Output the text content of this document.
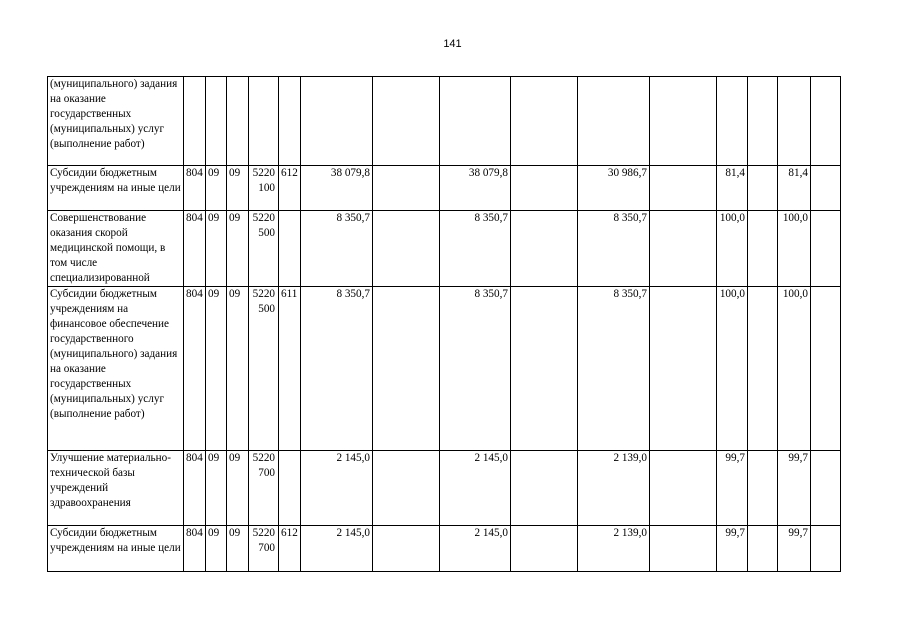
141
(муниципального) задания на оказание государственных (муниципальных) услуг (выполнение работ)															
Субсидии бюджетным учреждениям на иные цели	804	09	09	5220 100	612	38 079,8		38 079,8		30 986,7		81,4		81,4	
Совершенствование оказания скорой медицинской помощи, в том числе специализированной	804	09	09	5220 500		8 350,7		8 350,7		8 350,7		100,0		100,0	
Субсидии бюджетным учреждениям на финансовое обеспечение государственного (муниципального) задания на оказание государственных (муниципальных) услуг (выполнение работ)	804	09	09	5220 500	611	8 350,7		8 350,7		8 350,7		100,0		100,0	
Улучшение материально-технической базы учреждений здравоохранения	804	09	09	5220 700		2 145,0		2 145,0		2 139,0		99,7		99,7	
Субсидии бюджетным учреждениям на иные цели	804	09	09	5220 700	612	2 145,0		2 145,0		2 139,0		99,7		99,7	
